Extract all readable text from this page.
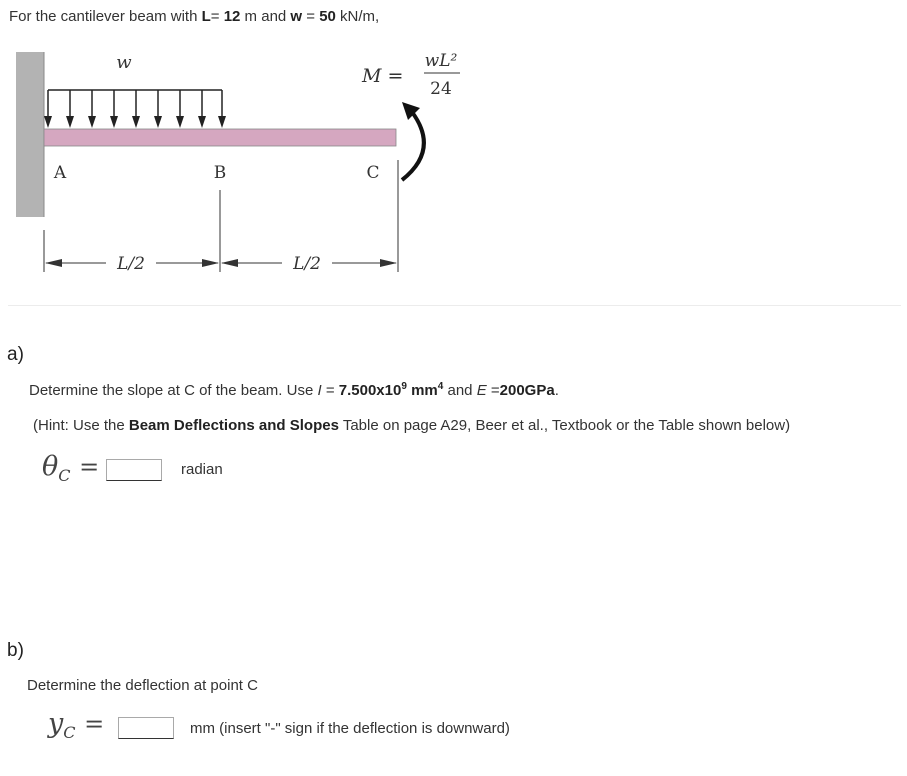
For the cantilever beam with L= 12 m and w = 50 kN/m,
w
M =
wL²
24
A	B	C
L/2	L/2
a)
Determine the slope at C of the beam. Use $I = 7.500x10^9$ $mm^4$ and E =200GPa.
(Hint: Use the Beam Deflections and Slopes Table on page A29, Beer et al., Textbook or the Table shown below)
$\theta_C$ =	radian
b)
Determine the deflection at point C
$y_C$ =	mm (insert "-" sign if the deflection is downward)
